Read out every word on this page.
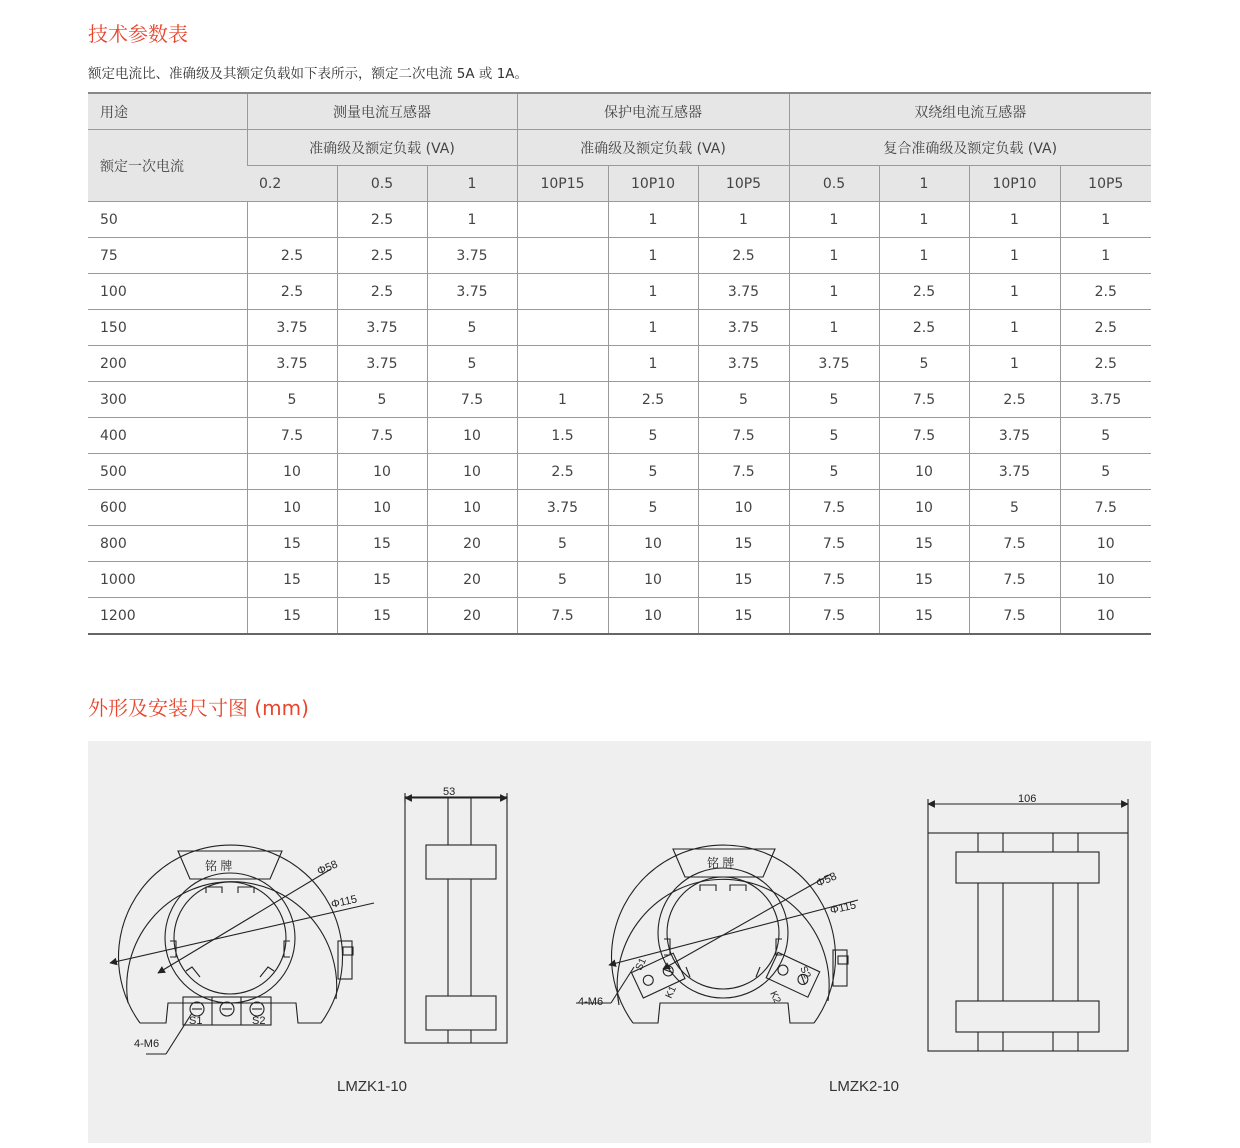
技术参数表
额定电流比、准确级及其额定负载如下表所示，额定二次电流 5A 或 1A。
用途	测量电流互感器			保护电流互感器			双绕组电流互感器			
额定一次电流	准确级及额定负载 (VA)			准确级及额定负载 (VA)			复合准确级及额定负载 (VA)			
	0.2	0.5	1	10P15	10P10	10P5	0.5	1	10P10	10P5
50		2.5	1		1	1	1	1	1	1
75	2.5	2.5	3.75		1	2.5	1	1	1	1
100	2.5	2.5	3.75		1	3.75	1	2.5	1	2.5
150	3.75	3.75	5		1	3.75	1	2.5	1	2.5
200	3.75	3.75	5		1	3.75	3.75	5	1	2.5
300	5	5	7.5	1	2.5	5	5	7.5	2.5	3.75
400	7.5	7.5	10	1.5	5	7.5	5	7.5	3.75	5
500	10	10	10	2.5	5	7.5	5	10	3.75	5
600	10	10	10	3.75	5	10	7.5	10	5	7.5
800	15	15	20	5	10	15	7.5	15	7.5	10
1000	15	15	20	5	10	15	7.5	15	7.5	10
1200	15	15	20	7.5	10	15	7.5	15	7.5	10
外形及安装尺寸图 (mm)
铭 牌	Φ58
Φ115
S1	S2
4-M6
53
铭 牌
Φ58
Φ115
S1
K1
S2
K2
4-M6
106
LMZK1-10	LMZK2-10
